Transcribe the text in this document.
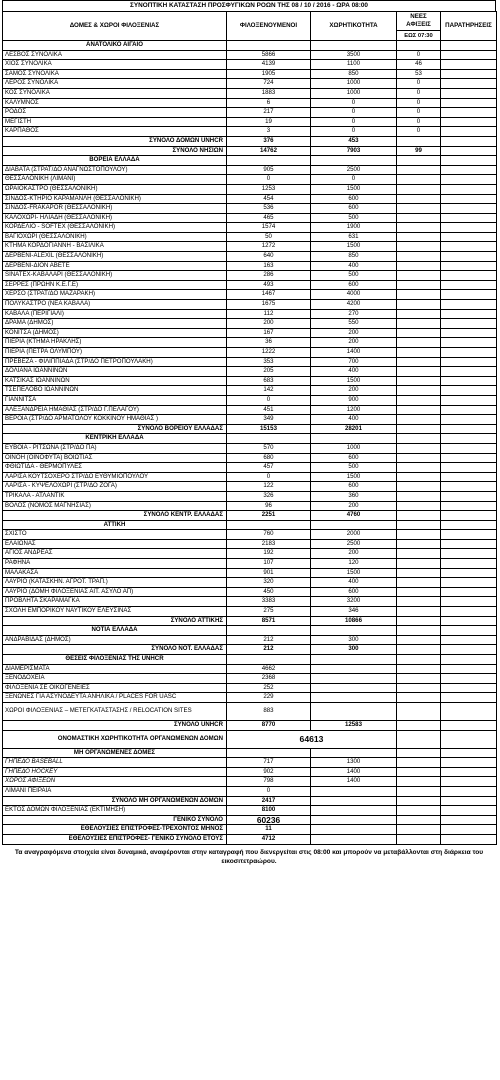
ΣΥΝΟΠΤΙΚΗ ΚΑΤΑΣΤΑΣΗ ΠΡΟΣΦΥΓΙΚΩΝ ΡΟΩΝ ΤΗΣ 08 / 10 / 2016 - ΩΡΑ 08:00
ΔΟΜΕΣ & ΧΩΡΟΙ ΦΙΛΟΞΕΝΙΑΣ	ΦΙΛΟΞΕΝΟΥΜΕΝΟΙ	ΧΩΡΗΤΙΚΟΤΗΤΑ	ΝΕΕΣ ΑΦΙΞΕΙΣ	ΠΑΡΑΤΗΡΗΣΕΙΣ
			ΕΩΣ 07:30	
ΑΝΑΤΟΛΙΚΟ ΑΙΓΑΙΟ				
ΛΕΣΒΟΣ ΣΥΝΟΛΙΚΑ	5866	3500	0	
ΧΙΟΣ ΣΥΝΟΛΙΚΑ	4139	1100	46	
ΣΑΜΟΣ ΣΥΝΟΛΙΚΑ	1905	850	53	
ΛΕΡΟΣ ΣΥΝΟΛΙΚΑ	724	1000	0	
ΚΟΣ ΣΥΝΟΛΙΚΑ	1883	1000	0	
ΚΑΛΥΜΝΟΣ	6	0	0	
ΡΟΔΟΣ	217	0	0	
ΜΕΓΙΣΤΗ	19	0	0	
ΚΑΡΠΑΘΟΣ	3	0	0	
ΣΥΝΟΛΟ ΔΟΜΩΝ UNHCR	376	453		
ΣΥΝΟΛΟ ΝΗΣΙΩΝ	14762	7903	99	
ΒΟΡΕΙΑ ΕΛΛΑΔΑ				
ΔΙΑΒΑΤΑ (ΣΤΡΑΤ/ΔΟ ΑΝΑΓΝΩΣΤΟΠΟΥΛΟΥ)	905	2500		
ΘΕΣΣΑΛΟΝΙΚΗ (ΛΙΜΑΝΙ)	0	0		
ΩΡΑΙΟΚΑΣΤΡΟ (ΘΕΣΣΑΛΟΝΙΚΗ)	1253	1500		
ΣΙΝΔΟΣ-ΚΤΗΡΙΟ ΚΑΡΑΜΑΝΛΗ (ΘΕΣΣΑΛΟΝΙΚΗ)	454	600		
ΣΙΝΔΟΣ-FRAKAPOR (ΘΕΣΣΑΛΟΝΙΚΗ)	536	600		
ΚΑΛΟΧΩΡΙ- ΗΛΙΑΔΗ (ΘΕΣΣΑΛΟΝΙΚΗ)	465	500		
ΚΟΡΔΕΛΙΟ - SOFTEX (ΘΕΣΣΑΛΟΝΙΚΗ)	1574	1900		
ΒΑΓΙΟΧΩΡΙ (ΘΕΣΣΑΛΟΝΙΚΗ)	50	631		
ΚΤΗΜΑ ΚΟΡΔΟΓΙΑΝΝΗ - ΒΑΣΙΛΙΚΑ	1272	1500		
ΔΕΡΒΕΝΙ-ALEXIL (ΘΕΣΣΑΛΟΝΙΚΗ)	640	850		
ΔΕΡΒΕΝΙ-ΔΙΟΝ ΑΒΕΤΕ	163	400		
SINATEX-ΚΑΒΑΛΑΡΙ (ΘΕΣΣΑΛΟΝΙΚΗ)	286	500		
ΣΕΡΡΕΣ (ΠΡΩΗΝ Κ.Ε.Γ.Ε)	493	600		
ΧΕΡΣΟ (ΣΤΡΑΤ/ΔΟ ΜΑΖΑΡΑΚΗ)	1467	4000		
ΠΟΛΥΚΑΣΤΡΟ (ΝΕΑ ΚΑΒΑΛΑ)	1675	4200		
ΚΑΒΑΛΑ (ΠΕΡΙΓΙΑΛΙ)	112	270		
ΔΡΑΜΑ (ΔΗΜΟΣ)	200	550		
ΚΟΝΙΤΣΑ (ΔΗΜΟΣ)	167	200		
ΠΙΕΡΙΑ (ΚΤΗΜΑ ΗΡΑΚΛΗΣ)	36	200		
ΠΙΕΡΙΑ (ΠΕΤΡΑ ΟΛΥΜΠΟΥ)	1222	1400		
ΠΡΕΒΕΖΑ - ΦΙΛΙΠΠΙΑΔΑ (ΣΤΡ/ΔΟ ΠΕΤΡΟΠΟΥΛΑΚΗ)	353	700		
ΔΟΛΙΑΝΑ ΙΩΑΝΝΙΝΩΝ	205	400		
ΚΑΤΣΙΚΑΣ ΙΩΑΝΝΙΝΩΝ	683	1500		
ΤΣΕΠΕΛΟΒΟ ΙΩΑΝΝΙΝΩΝ	142	200		
ΓΙΑΝΝΙΤΣΑ	0	900		
ΑΛΕΞΑΝΔΡΕΙΑ ΗΜΑΘΙΑΣ (ΣΤΡ/ΔΟ Γ.ΠΕΛΑΓΟΥ)	451	1200		
ΒΕΡΟΙΑ (ΣΤΡ/ΔΟ ΑΡΜΑΤΟΛΟΥ ΚΟΚΚΙΝΟΥ ΗΜΑΘΙΑΣ )	349	400		
ΣΥΝΟΛΟ ΒΟΡΕΙΟΥ ΕΛΛΑΔΑΣ	15153	28201		
ΚΕΝΤΡΙΚΗ ΕΛΛΑΔΑ				
ΕΥΒΟΙΑ - ΡΙΤΣΩΝΑ (ΣΤΡ/ΔΟ ΠΑ)	570	1000		
ΟΙΝΟΗ (ΟΙΝΟΦΥΤΑ) ΒΟΙΩΤΙΑΣ	680	600		
ΦΘΙΩΤΙΔΑ - ΘΕΡΜΟΠΥΛΕΣ	457	500		
ΛΑΡΙΣΑ ΚΟΥΤΣΟΧΕΡΟ ΣΤΡ/ΔΟ ΕΥΘΥΜΙΟΠΟΥΛΟΥ	0	1500		
ΛΑΡΙΣΑ - ΚΥΨΕΛΟΧΩΡΙ (ΣΤΡ/ΔΟ ΖΟΓΑ)	122	600		
ΤΡΙΚΑΛΑ - ΑΤΛΑΝΤΙΚ	326	360		
ΒΟΛΟΣ (ΝΟΜΟΣ ΜΑΓΝΗΣΙΑΣ)	96	200		
ΣΥΝΟΛΟ ΚΕΝΤΡ. ΕΛΛΑΔΑΣ	2251	4760		
ΑΤΤΙΚΗ				
ΣΧΙΣΤΟ	760	2000		
ΕΛΑΙΩΝΑΣ	2183	2500		
ΑΓΙΟΣ ΑΝΔΡΕΑΣ	192	200		
ΡΑΦΗΝΑ	107	120		
ΜΑΛΑΚΑΣΑ	901	1500		
ΛΑΥΡΙΟ (ΚΑΤΑΣΚΗΝ. ΑΓΡΟΤ. ΤΡΑΠ.)	320	400		
ΛΑΥΡΙΟ (ΔΟΜΗ ΦΙΛΟΞΕΝΙΑΣ ΑΙΤ. ΑΣΥΛΟ ΑΠ)	450	600		
ΠΡΟΒΛΗΤΑ ΣΚΑΡΑΜΑΓΚΑ	3383	3200		
ΣΧΟΛΗ ΕΜΠΟΡΙΚΟΥ ΝΑΥΤΙΚΟΥ ΕΛΕΥΣΙΝΑΣ	275	346		
ΣΥΝΟΛΟ ΑΤΤΙΚΗΣ	8571	10866		
ΝΟΤΙΑ ΕΛΛΑΔΑ				
ΑΝΔΡΑΒΙΔΑΣ (ΔΗΜΟΣ)	212	300		
ΣΥΝΟΛΟ ΝΟΤ. ΕΛΛΑΔΑΣ	212	300		
ΘΕΣΕΙΣ ΦΙΛΟΞΕΝΙΑΣ ΤΗΣ UNHCR				
ΔΙΑΜΕΡΙΣΜΑΤΑ	4662			
ΞΕΝΟΔΟΧΕΙΑ	2368			
ΦΙΛΟΞΕΝΙΑ ΣΕ ΟΙΚΟΓΕΝΕΙΕΣ	252			
ΞΕΝΩΝΕΣ ΓΙΑ ΑΣΥΝΟΔΕΥΤΑ ΑΝΗΛΙΚΑ / PLACES FOR UASC	229			
ΧΩΡΟΙ ΦΙΛΟΞΕΝΙΑΣ – ΜΕΤΕΓΚΑΤΑΣΤΑΣΗΣ / RELOCATION SITES	883			
ΣΥΝΟΛΟ UNHCR	8770	12583		
ΟΝΟΜΑΣΤΙΚΗ ΧΩΡΗΤΙΚΟΤΗΤΑ ΟΡΓΑΝΩΜΕΝΩΝ ΔΟΜΩΝ	64613			
ΜΗ ΟΡΓΑΝΩΜΕΝΕΣ ΔΟΜΕΣ				
ΓΗΠΕΔΟ BASEBALL	717	1300		
ΓΗΠΕΔΟ HOCKEY	902	1400		
ΧΩΡΟΣ ΑΦΙΞΕΩΝ	798	1400		
ΛΙΜΑΝΙ ΠΕΙΡΑΙΑ	0			
ΣΥΝΟΛΟ ΜΗ ΟΡΓΑΝΩΜΕΝΩΝ ΔΟΜΩΝ	2417			
ΕΚΤΟΣ ΔΟΜΩΝ ΦΙΛΟΞΕΝΙΑΣ (ΕΚΤΙΜΗΣΗ)	8100			
ΓΕΝΙΚΟ ΣΥΝΟΛΟ	60236			
ΕΘΕΛΟΥΣΙΕΣ ΕΠΙΣΤΡΟΦΕΣ-ΤΡΕΧΟΝΤΟΣ ΜΗΝΟΣ	11			
ΕΘΕΛΟΥΣΙΕΣ ΕΠΙΣΤΡΟΦΕΣ- ΓΕΝΙΚΟ ΣΥΝΟΛΟ ΕΤΟΥΣ	4712			
Τα αναγραφόμενα στοιχεία είναι δυναμικά, αναφέρονται στην καταγραφή που διενεργείται στις 08:00 και μπορούν να μεταβάλλονται στη διάρκεια του εικοσιτετραώρου.
